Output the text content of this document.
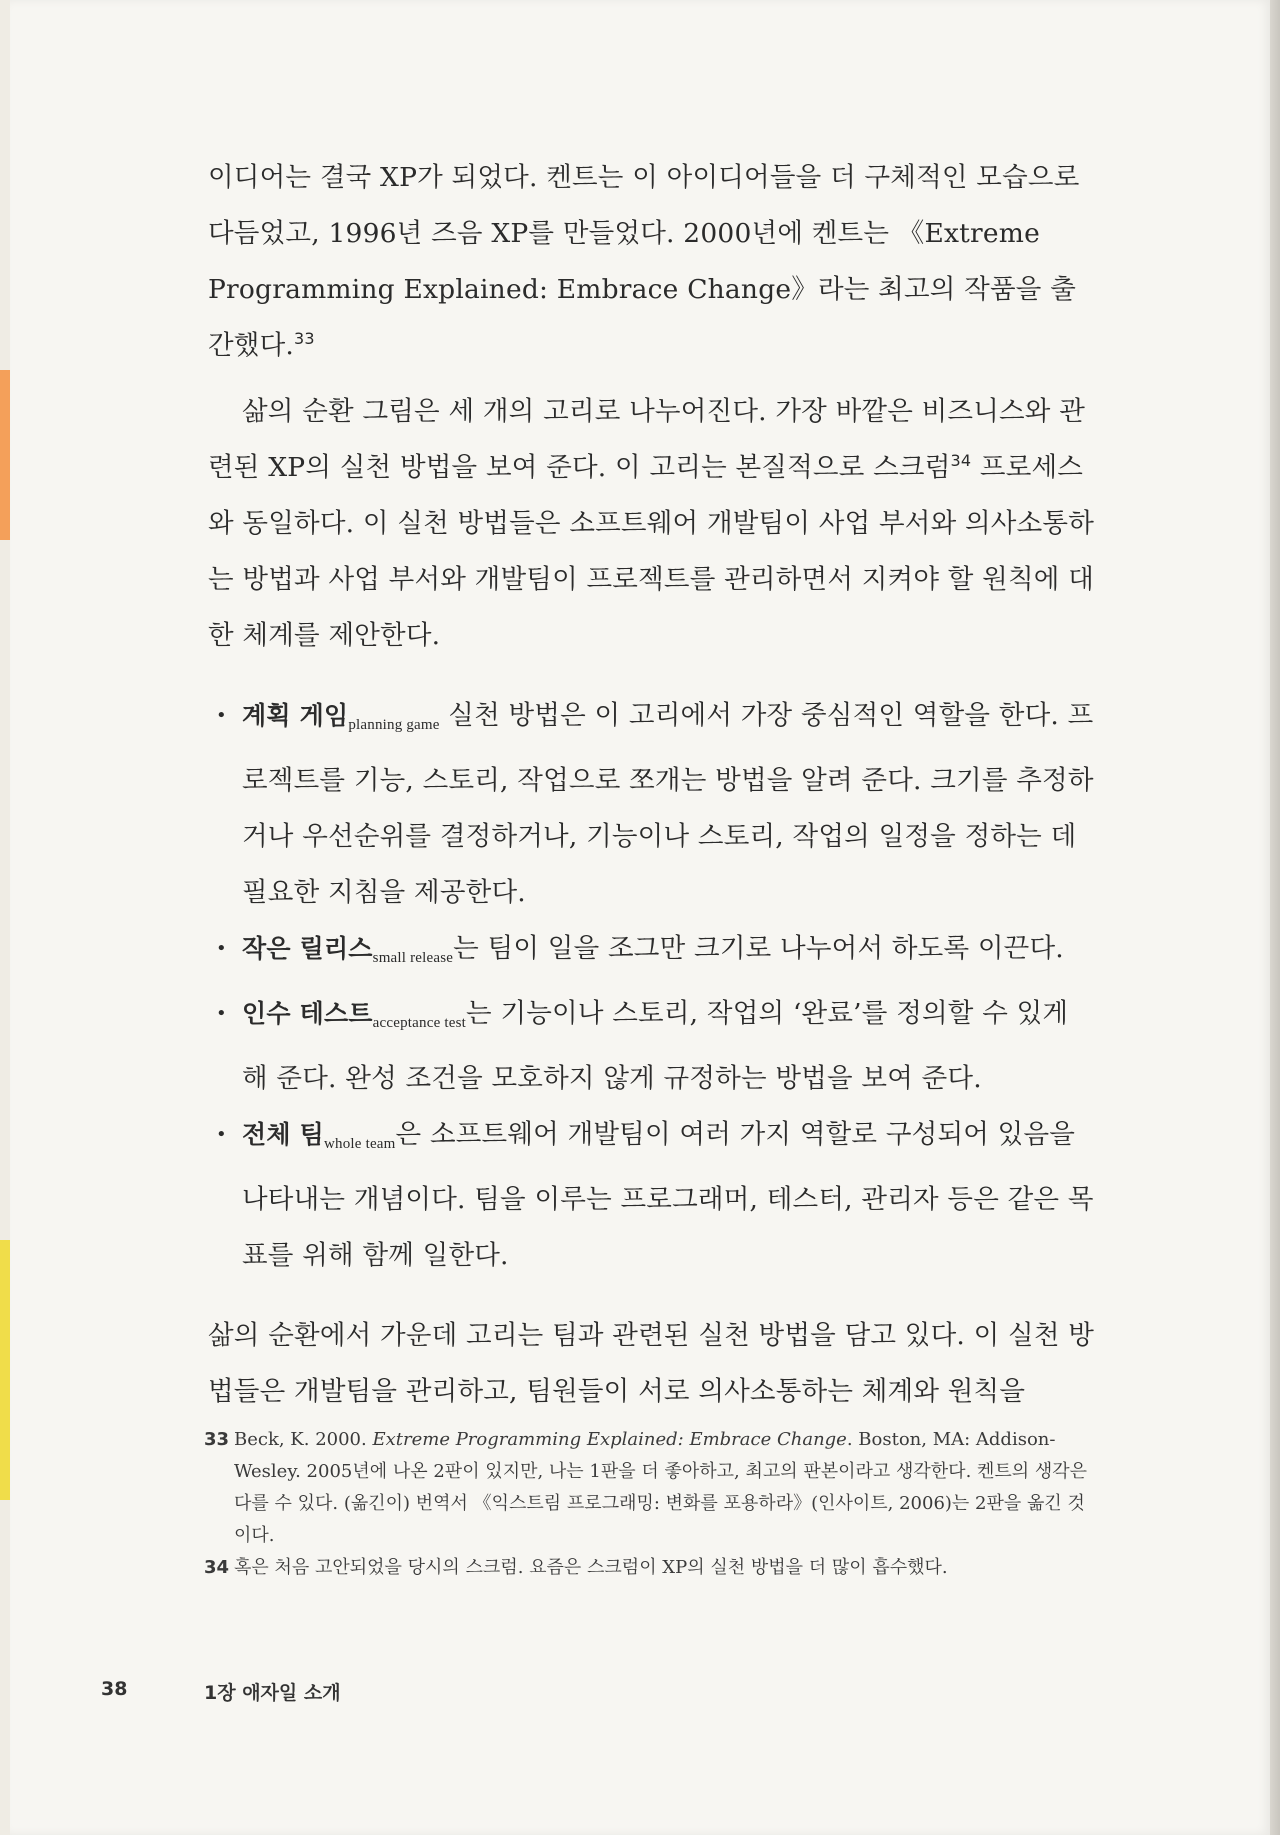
이디어는 결국 XP가 되었다. 켄트는 이 아이디어들을 더 구체적인 모습으로 다듬었고, 1996년 즈음 XP를 만들었다. 2000년에 켄트는 《Extreme Programming Explained: Embrace Change》라는 최고의 작품을 출간했다.$^{33}$

삶의 순환 그림은 세 개의 고리로 나누어진다. 가장 바깥은 비즈니스와 관련된 XP의 실천 방법을 보여 준다. 이 고리는 본질적으로 스크럼$^{34}$ 프로세스와 동일하다. 이 실천 방법들은 소프트웨어 개발팀이 사업 부서와 의사소통하는 방법과 사업 부서와 개발팀이 프로젝트를 관리하면서 지켜야 할 원칙에 대한 체계를 제안한다.

• 계획 게임planning game 실천 방법은 이 고리에서 가장 중심적인 역할을 한다. 프로젝트를 기능, 스토리, 작업으로 쪼개는 방법을 알려 준다. 크기를 추정하거나 우선순위를 결정하거나, 기능이나 스토리, 작업의 일정을 정하는 데 필요한 지침을 제공한다.
• 작은 릴리스small release는 팀이 일을 조그만 크기로 나누어서 하도록 이끈다.
• 인수 테스트acceptance test는 기능이나 스토리, 작업의 ‘완료’를 정의할 수 있게 해 준다. 완성 조건을 모호하지 않게 규정하는 방법을 보여 준다.
• 전체 팀whole team은 소프트웨어 개발팀이 여러 가지 역할로 구성되어 있음을 나타내는 개념이다. 팀을 이루는 프로그래머, 테스터, 관리자 등은 같은 목표를 위해 함께 일한다.

삶의 순환에서 가운데 고리는 팀과 관련된 실천 방법을 담고 있다. 이 실천 방법들은 개발팀을 관리하고, 팀원들이 서로 의사소통하는 체계와 원칙을

33 Beck, K. 2000. Extreme Programming Explained: Embrace Change. Boston, MA: Addison-Wesley. 2005년에 나온 2판이 있지만, 나는 1판을 더 좋아하고, 최고의 판본이라고 생각한다. 켄트의 생각은 다를 수 있다. (옮긴이) 번역서 《익스트림 프로그래밍: 변화를 포용하라》(인사이트, 2006)는 2판을 옮긴 것이다.
34 혹은 처음 고안되었을 당시의 스크럼. 요즘은 스크럼이 XP의 실천 방법을 더 많이 흡수했다.
38	1장 애자일 소개
